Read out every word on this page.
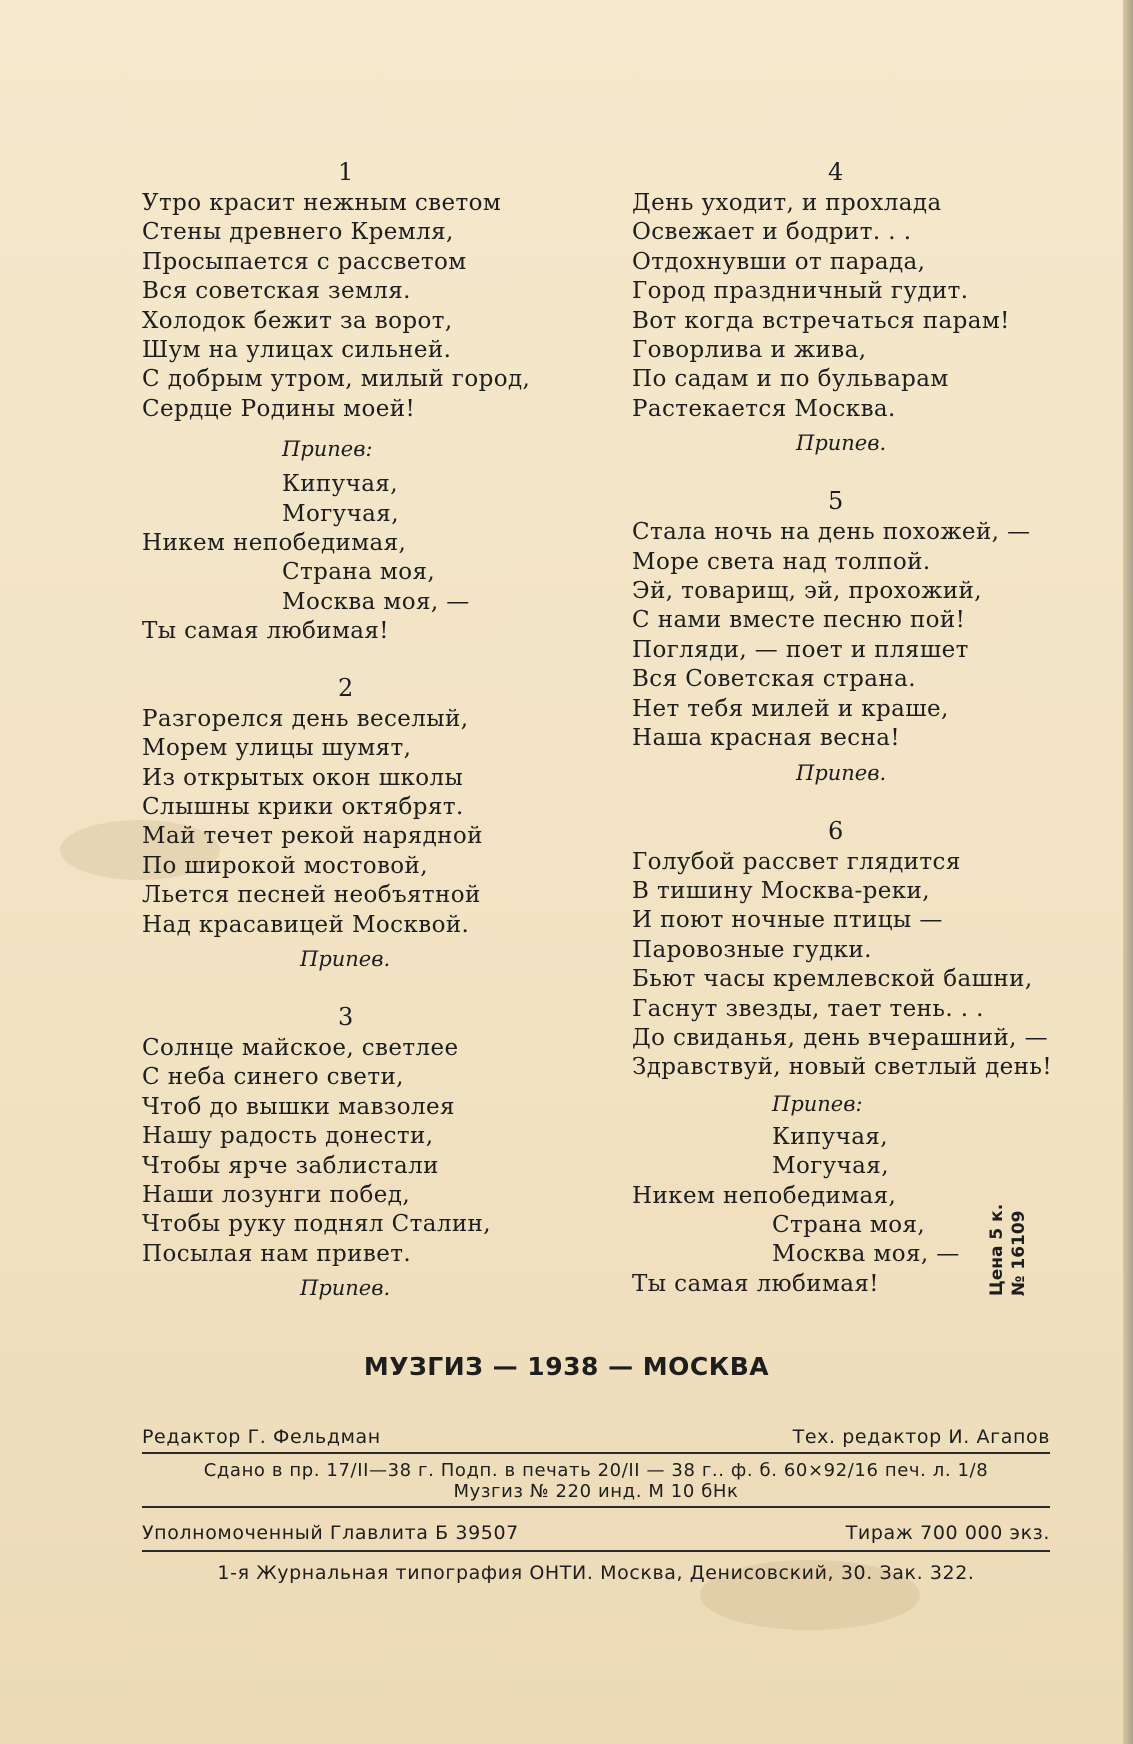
1

Утро красит нежным светом
Стены древнего Кремля,
Просыпается с рассветом
Вся советская земля.
Холодок бежит за ворот,
Шум на улицах сильней.
С добрым утром, милый город,
Сердце Родины моей!

Припев:

Кипучая,
Могучая,
Никем непобедимая,
Страна моя,
Москва моя, —
Ты самая любимая!

2

Разгорелся день веселый,
Морем улицы шумят,
Из открытых окон школы
Слышны крики октябрят.
Май течет рекой нарядной
По широкой мостовой,
Льется песней необъятной
Над красавицей Москвой.

Припев.

3

Солнце майское, светлее
С неба синего свети,
Чтоб до вышки мавзолея
Нашу радость донести,
Чтобы ярче заблистали
Наши лозунги побед,
Чтобы руку поднял Сталин,
Посылая нам привет.

Припев.

4

День уходит, и прохлада
Освежает и бодрит. . .
Отдохнувши от парада,
Город праздничный гудит.
Вот когда встречаться парам!
Говорлива и жива,
По садам и по бульварам
Растекается Москва.

Припев.

5

Стала ночь на день похожей, —
Море света над толпой.
Эй, товарищ, эй, прохожий,
С нами вместе песню пой!
Погляди, — поет и пляшет
Вся Советская страна.
Нет тебя милей и краше,
Наша красная весна!

Припев.

6

Голубой рассвет глядится
В тишину Москва-реки,
И поют ночные птицы —
Паровозные гудки.
Бьют часы кремлевской башни,
Гаснут звезды, тает тень. . .
До свиданья, день вчерашний, —
Здравствуй, новый светлый день!

Припев:

Кипучая,
Могучая,
Никем непобедимая,
Страна моя,
Москва моя, —
Ты самая любимая!	Цена 5 к. № 16109
МУЗГИЗ — 1938 — МОСКВА
Редактор Г. Фельдман	Тех. редактор И. Агапов
Сдано в пр. 17/II—38 г. Подп. в печать 20/II — 38 г.. ф. б. 60×92/16 печ. л. 1/8
Музгиз № 220 инд. М 10 бНк
Уполномоченный Главлита Б 39507	Тираж 700 000 экз.
1-я Журнальная типография ОНТИ. Москва, Денисовский, 30. Зак. 322.
